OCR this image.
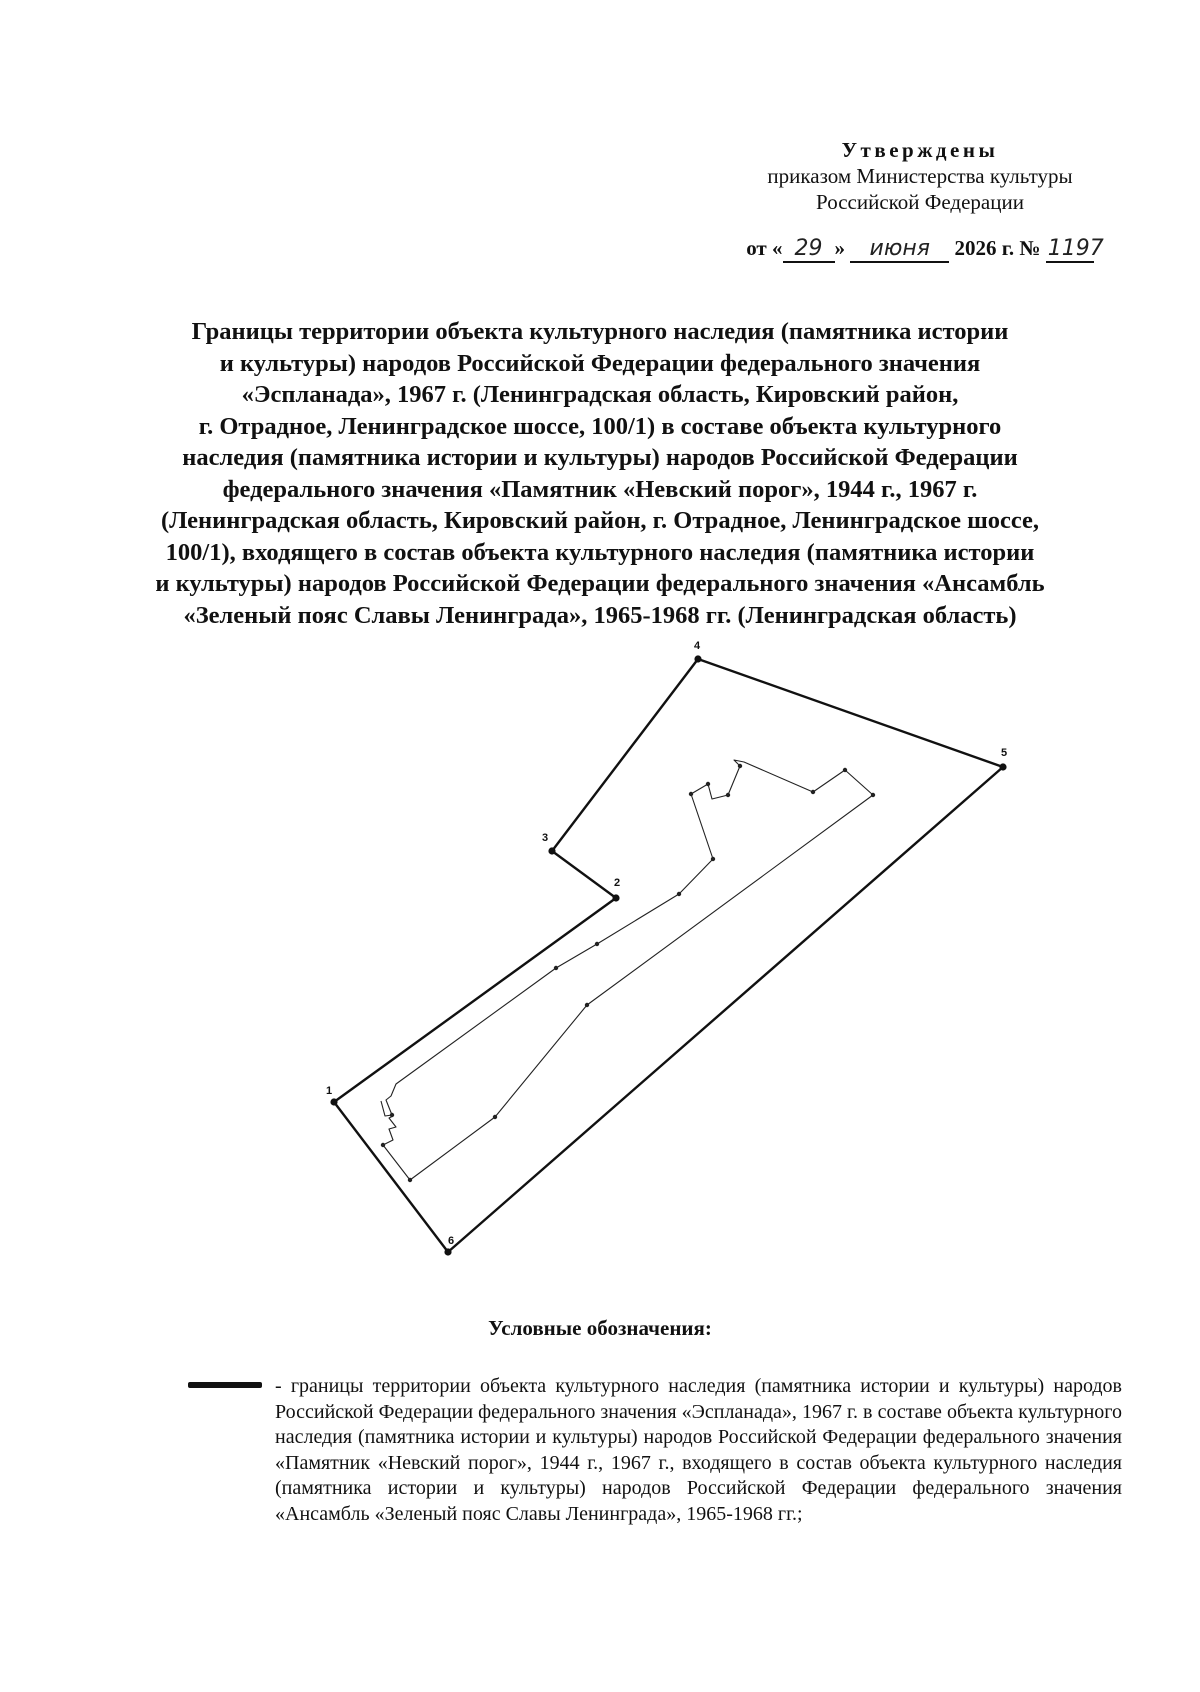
Утверждены
приказом Министерства культуры
Российской Федерации
от « 29 » июня 2026 г. № 1197
Границы территории объекта культурного наследия (памятника истории
и культуры) народов Российской Федерации федерального значения
«Эспланада», 1967 г. (Ленинградская область, Кировский район,
г. Отрадное, Ленинградское шоссе, 100/1) в составе объекта культурного
наследия (памятника истории и культуры) народов Российской Федерации
федерального значения «Памятник «Невский порог», 1944 г., 1967 г.
(Ленинградская область, Кировский район, г. Отрадное, Ленинградское шоссе,
100/1), входящего в состав объекта культурного наследия (памятника истории
и культуры) народов Российской Федерации федерального значения «Ансамбль
«Зеленый пояс Славы Ленинграда», 1965-1968 гг. (Ленинградская область)
1
2
3
4
5
6
Условные обозначения:

- границы территории объекта культурного наследия (памятника истории и культуры) народов Российской Федерации федерального значения «Эспланада», 1967 г. в составе объекта культурного наследия (памятника истории и культуры) народов Российской Федерации федерального значения «Памятник «Невский порог», 1944 г., 1967 г., входящего в состав объекта культурного наследия (памятника истории и культуры) народов Российской Федерации федерального значения «Ансамбль «Зеленый пояс Славы Ленинграда», 1965-1968 гг.;
